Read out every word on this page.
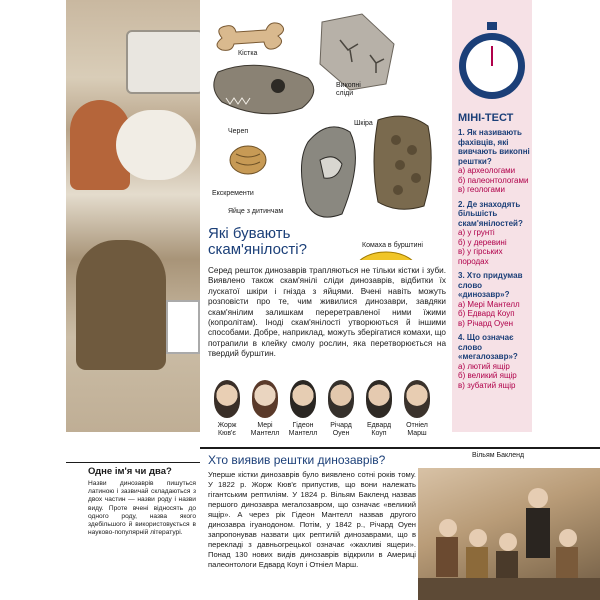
Кістка
Викопні сліди
Череп
Шкіра
Екскременти
Яйце з дитинчам
Комаха в бурштині
Які бувають скам'янілості?
Серед решток динозаврів трапляються не тільки кістки і зуби. Виявлено також скам'янілі сліди динозаврів, відбитки їх лускатої шкіри і гнізда з яйцями. Вчені навіть можуть розповісти про те, чим живилися динозаври, завдяки скам'янілим залишкам переретравленої ними їжими (копролітам). Іноді скам'янілості утворюються й іншими способами. Добре, наприклад, можуть зберігатися комахи, що потрапили в клейку смолу рослин, яка перетворюється на твердий бурштин.
МІНІ-ТЕСТ
1. Як називають фахівців, які вивчають викопні рештки?
а) археологами
б) палеонтологами
в) геологами
2. Де знаходять більшість скам'янілостей?
а) у грунті
б) у деревині
в) у гірських породах
3. Хто придумав слово «динозавр»?
а) Мері Мантелл
б) Едвард Коуп
в) Річард Оуен
4. Що означає слово «мегалозавр»?
а) лютий ящір
б) великий ящір
в) зубатий ящір
Жорж Кюв'є
Мері Мантелл
Гідеон Мантелл
Річард Оуен
Едвард Коуп
Отніел Марш
Хто виявив рештки динозаврів?	Вільям Бакленд
Уперше кістки динозаврів було виявлено сотні років тому. У 1822 р. Жорж Кюв'є припустив, що вони належать гігантським рептиліям. У 1824 р. Вільям Бакленд назвав першого динозавра мегалозавром, що означає «великий ящір». А через рік Гідеон Мантелл назвав другого динозавра ігуанодоном. Потім, у 1842 р., Річард Оуен запропонував назвати цих рептилій динозаврами, що в перекладі з давньогрецької означає «жахливі ящери». Понад 130 нових видів динозаврів відкрили в Америці палеонтологи Едвард Коуп і Отніел Марш.
Одне ім'я чи два?
Назви динозаврів пишуться латиною і зазвичай складаються з двох частин — назви роду і назви виду. Проте вчені відносять до одного роду, назва якого здебільшого й використовується в науково-популярній літературі.
